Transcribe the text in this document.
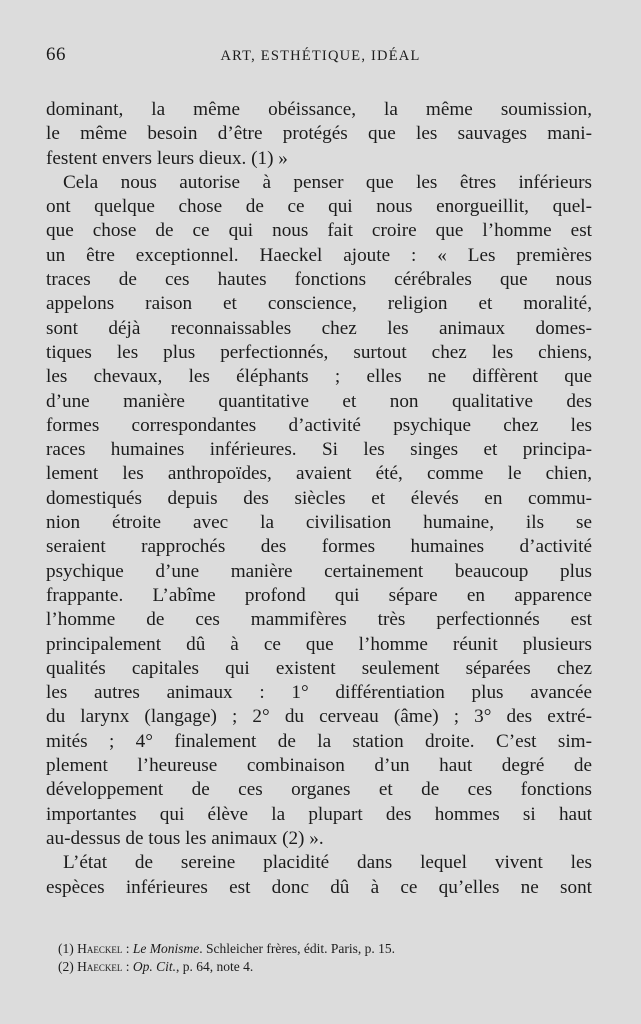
66	ART, ESTHÉTIQUE, IDÉAL
dominant, la même obéissance, la même soumission,
le même besoin d’être protégés que les sauvages mani-
festent envers leurs dieux. (1) »
Cela nous autorise à penser que les êtres inférieurs
ont quelque chose de ce qui nous enorgueillit, quel-
que chose de ce qui nous fait croire que l’homme est
un être exceptionnel. Haeckel ajoute : « Les premières
traces de ces hautes fonctions cérébrales que nous
appelons raison et conscience, religion et moralité,
sont déjà reconnaissables chez les animaux domes-
tiques les plus perfectionnés, surtout chez les chiens,
les chevaux, les éléphants ; elles ne diffèrent que
d’une manière quantitative et non qualitative des
formes correspondantes d’activité psychique chez les
races humaines inférieures. Si les singes et principa-
lement les anthropoïdes, avaient été, comme le chien,
domestiqués depuis des siècles et élevés en commu-
nion étroite avec la civilisation humaine, ils se
seraient rapprochés des formes humaines d’activité
psychique d’une manière certainement beaucoup plus
frappante. L’abîme profond qui sépare en apparence
l’homme de ces mammifères très perfectionnés est
principalement dû à ce que l’homme réunit plusieurs
qualités capitales qui existent seulement séparées chez
les autres animaux : 1° différentiation plus avancée
du larynx (langage) ; 2° du cerveau (âme) ; 3° des extré-
mités ; 4° finalement de la station droite. C’est sim-
plement l’heureuse combinaison d’un haut degré de
développement de ces organes et de ces fonctions
importantes qui élève la plupart des hommes si haut
au-dessus de tous les animaux (2) ».
L’état de sereine placidité dans lequel vivent les
espèces inférieures est donc dû à ce qu’elles ne sont
(1) Haeckel : Le Monisme. Schleicher frères, édit. Paris, p. 15.
(2) Haeckel : Op. Cit., p. 64, note 4.
